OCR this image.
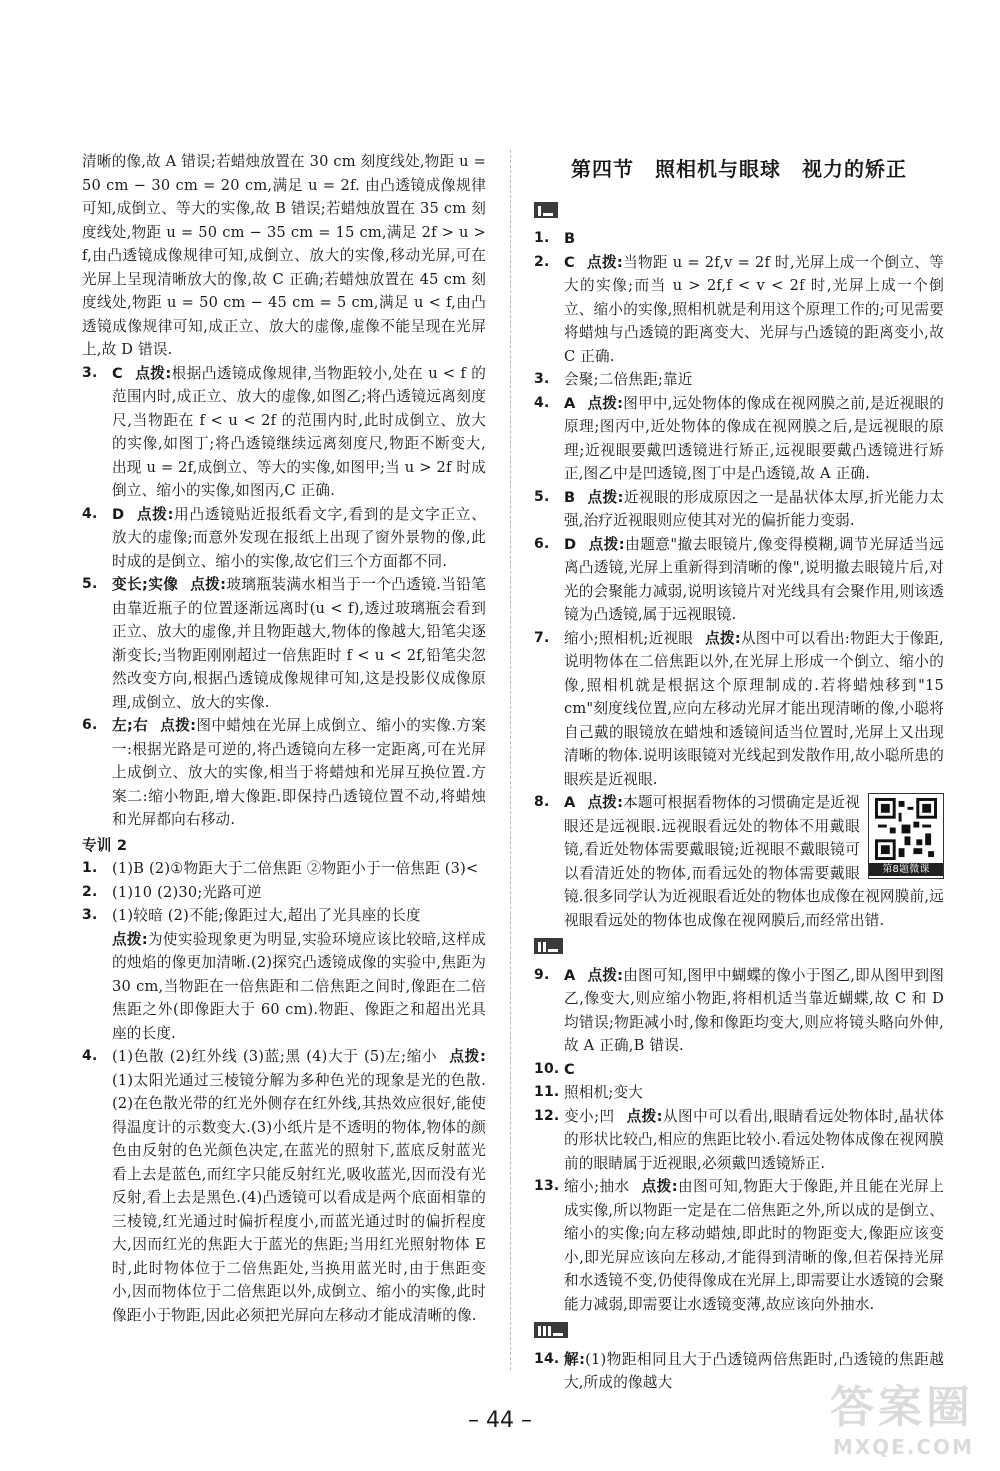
清晰的像,故 A 错误;若蜡烛放置在 30 cm 刻度线处,物距 u = 50 cm − 30 cm = 20 cm,满足 u = 2f. 由凸透镜成像规律可知,成倒立、等大的实像,故 B 错误;若蜡烛放置在 35 cm 刻度线处,物距 u = 50 cm − 35 cm = 15 cm,满足 2f > u > f,由凸透镜成像规律可知,成倒立、放大的实像,移动光屏,可在光屏上呈现清晰放大的像,故 C 正确;若蜡烛放置在 45 cm 刻度线处,物距 u = 50 cm − 45 cm = 5 cm,满足 u < f,由凸透镜成像规律可知,成正立、放大的虚像,虚像不能呈现在光屏上,故 D 错误.

3. C 点拨:根据凸透镜成像规律,当物距较小,处在 u < f 的范围内时,成正立、放大的虚像,如图乙;将凸透镜远离刻度尺,当物距在 f < u < 2f 的范围内时,此时成倒立、放大的实像,如图丁;将凸透镜继续远离刻度尺,物距不断变大,出现 u = 2f,成倒立、等大的实像,如图甲;当 u > 2f 时成倒立、缩小的实像,如图丙,C 正确.

4. D 点拨:用凸透镜贴近报纸看文字,看到的是文字正立、放大的虚像;而意外发现在报纸上出现了窗外景物的像,此时成的是倒立、缩小的实像,故它们三个方面都不同.

5. 变长;实像 点拨:玻璃瓶装满水相当于一个凸透镜.当铅笔由靠近瓶子的位置逐渐远离时(u < f),透过玻璃瓶会看到正立、放大的虚像,并且物距越大,物体的像越大,铅笔尖逐渐变长;当物距刚刚超过一倍焦距时 f < u < 2f,铅笔尖忽然改变方向,根据凸透镜成像规律可知,这是投影仪成像原理,成倒立、放大的实像.

6. 左;右 点拨:图中蜡烛在光屏上成倒立、缩小的实像.方案一:根据光路是可逆的,将凸透镜向左移一定距离,可在光屏上成倒立、放大的实像,相当于将蜡烛和光屏互换位置.方案二:缩小物距,增大像距.即保持凸透镜位置不动,将蜡烛和光屏都向右移动.

专训 2

1. (1)B (2)①物距大于二倍焦距 ②物距小于一倍焦距 (3)<

2. (1)10 (2)30;光路可逆

3. (1)较暗 (2)不能;像距过大,超出了光具座的长度
点拨:为使实验现象更为明显,实验环境应该比较暗,这样成的烛焰的像更加清晰.(2)探究凸透镜成像的实验中,焦距为 30 cm,当物距在一倍焦距和二倍焦距之间时,像距在二倍焦距之外(即像距大于 60 cm).物距、像距之和超出光具座的长度.

4. (1)色散 (2)红外线 (3)蓝;黑 (4)大于 (5)左;缩小 点拨:(1)太阳光通过三棱镜分解为多种色光的现象是光的色散.(2)在色散光带的红光外侧存在红外线,其热效应很好,能使得温度计的示数变大.(3)小纸片是不透明的物体,物体的颜色由反射的色光颜色决定,在蓝光的照射下,蓝底反射蓝光看上去是蓝色,而红字只能反射红光,吸收蓝光,因而没有光反射,看上去是黑色.(4)凸透镜可以看成是两个底面相靠的三棱镜,红光通过时偏折程度小,而蓝光通过时的偏折程度大,因而红光的焦距大于蓝光的焦距;当用红光照射物体 E 时,此时物体位于二倍焦距处,当换用蓝光时,由于焦距变小,因而物体位于二倍焦距以外,成倒立、缩小的实像,此时像距小于物距,因此必须把光屏向左移动才能成清晰的像.

第四节　照相机与眼球　视力的矫正

1. B

2. C 点拨:当物距 u = 2f,v = 2f 时,光屏上成一个倒立、等大的实像;而当 u > 2f,f < v < 2f 时,光屏上成一个倒立、缩小的实像,照相机就是利用这个原理工作的;可见需要将蜡烛与凸透镜的距离变大、光屏与凸透镜的距离变小,故 C 正确.

3. 会聚;二倍焦距;靠近

4. A 点拨:图甲中,远处物体的像成在视网膜之前,是近视眼的原理;图丙中,近处物体的像成在视网膜之后,是远视眼的原理;近视眼要戴凹透镜进行矫正,远视眼要戴凸透镜进行矫正,图乙中是凹透镜,图丁中是凸透镜,故 A 正确.

5. B 点拨:近视眼的形成原因之一是晶状体太厚,折光能力太强,治疗近视眼则应使其对光的偏折能力变弱.

6. D 点拨:由题意"撤去眼镜片,像变得模糊,调节光屏适当远离凸透镜,光屏上重新得到清晰的像",说明撤去眼镜片后,对光的会聚能力减弱,说明该镜片对光线具有会聚作用,则该透镜为凸透镜,属于远视眼镜.

7. 缩小;照相机;近视眼 点拨:从图中可以看出:物距大于像距,说明物体在二倍焦距以外,在光屏上形成一个倒立、缩小的像,照相机就是根据这个原理制成的.若将蜡烛移到"15 cm"刻度线位置,应向左移动光屏才能出现清晰的像,小聪将自己戴的眼镜放在蜡烛和透镜间适当位置时,光屏上又出现清晰的物体.说明该眼镜对光线起到发散作用,故小聪所患的眼疾是近视眼.

8.
第8题微课
A 点拨:本题可根据看物体的习惯确定是近视眼还是远视眼.远视眼看远处的物体不用戴眼镜,看近处物体需要戴眼镜;近视眼不戴眼镜可以看清近处的物体,而看远处的物体需要戴眼镜.很多同学认为近视眼看近处的物体也成像在视网膜前,远视眼看远处的物体也成像在视网膜后,而经常出错.

9. A 点拨:由图可知,图甲中蝴蝶的像小于图乙,即从图甲到图乙,像变大,则应缩小物距,将相机适当靠近蝴蝶,故 C 和 D 均错误;物距减小时,像和像距均变大,则应将镜头略向外伸,故 A 正确,B 错误.

10. C

11. 照相机;变大

12. 变小;凹 点拨:从图中可以看出,眼睛看远处物体时,晶状体的形状比较凸,相应的焦距比较小.看远处物体成像在视网膜前的眼睛属于近视眼,必须戴凹透镜矫正.

13. 缩小;抽水 点拨:由图可知,物距大于像距,并且能在光屏上成实像,所以物距一定是在二倍焦距之外,所以成的是倒立、缩小的实像;向左移动蜡烛,即此时的物距变大,像距应该变小,即光屏应该向左移动,才能得到清晰的像,但若保持光屏和水透镜不变,仍使得像成在光屏上,即需要让水透镜的会聚能力减弱,即需要让水透镜变薄,故应该向外抽水.

14. 解:(1)物距相同且大于凸透镜两倍焦距时,凸透镜的焦距越大,所成的像越大

– 44 –	答案圈
MXQE.COM
